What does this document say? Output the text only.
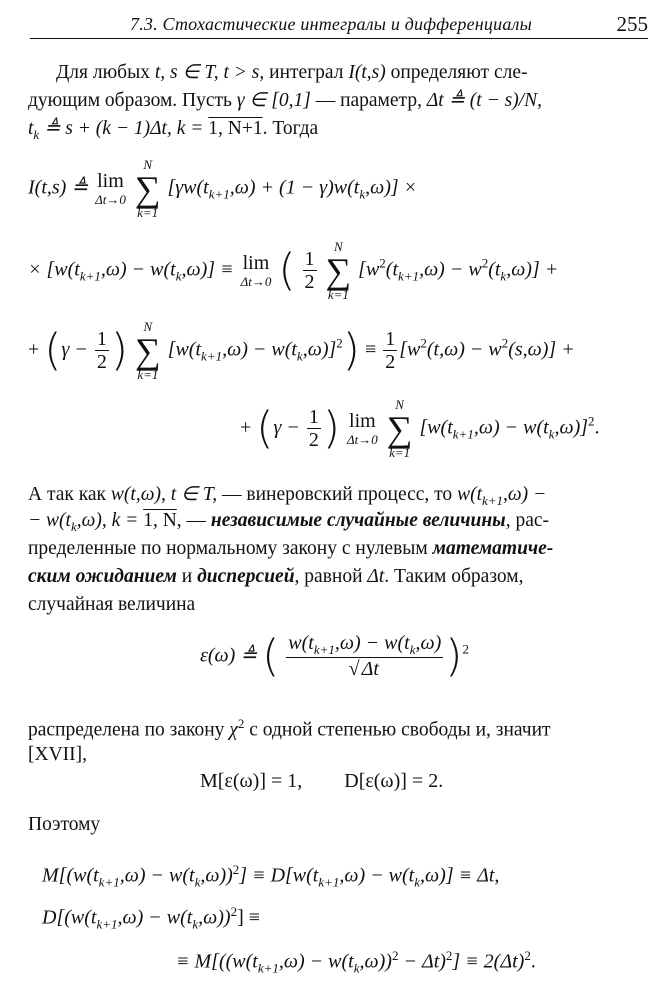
7.3. Стохастические интегралы и дифференциалы	255
Для любых t, s ∈ T, t > s, интеграл I(t,s) определяют сле-
дующим образом. Пусть γ ∈ [0,1] — параметр, Δt ≜ (t − s)/N,
$t_k$ ≜ s + (k − 1)Δt, k = 1, N+1. Тогда
I(t,s) ≜ lim
Δt→0

N
∑
k=1
$[\gamma w(t_{k+1},\omega) + (1 - \gamma)w(t_k,\omega)]$ ×
× $[w(t_{k+1},\omega) - w(t_k,\omega)] \equiv \lim$
Δt→0 ( $\frac{1}{2}$

N
∑
k=1
$[w^2(t_{k+1},\omega) - w^2(t_k,\omega)]$ +
+ ($\gamma - \frac{1}{2}$ )	N
∑
k=1
$[w(t_{k+1},\omega) - w(t_k,\omega)]^2) \equiv \frac{1}{2} [w^2(t,\omega) - w^2(s,\omega)]$ +
+ ($\gamma - \frac{1}{2}$ ) lim
Δt→0

N
∑
k=1
$[w(t_{k+1},\omega) - w(t_k,\omega)]^2$.
А так как w(t,ω), t ∈ T, — винеровский процесс, то $w(t_{k+1},\omega)$ −
− $w(t_k,\omega)$, k = 1, N, — независимые случайные величины, рас-
пределенные по нормальному закону с нулевым математиче-
ским ожиданием и дисперсией, равной Δt. Таким образом,
случайная величина
ε(ω) ≜ ( $\frac{w(t_{k+1},\omega) - w(t_k,\omega)}{√ \Delta t} )^2$
распределена по закону $\chi^2$ с одной степенью свободы и, значит
[XVII],
M[ε(ω)] = 1, D[ε(ω)] = 2.
Поэтому
$M[(w(t_{k+1},\omega) - w(t_k,\omega))^2] \equiv D[w(t_{k+1},\omega) - w(t_k,\omega)] \equiv \Delta t$,
$D[(w(t_{k+1},\omega) - w(t_k,\omega))^2]$ ≡
≡ $M[((w(t_{k+1},\omega) - w(t_k,\omega))^2 - \Delta t)^2] \equiv 2(\Delta t)^2$.
